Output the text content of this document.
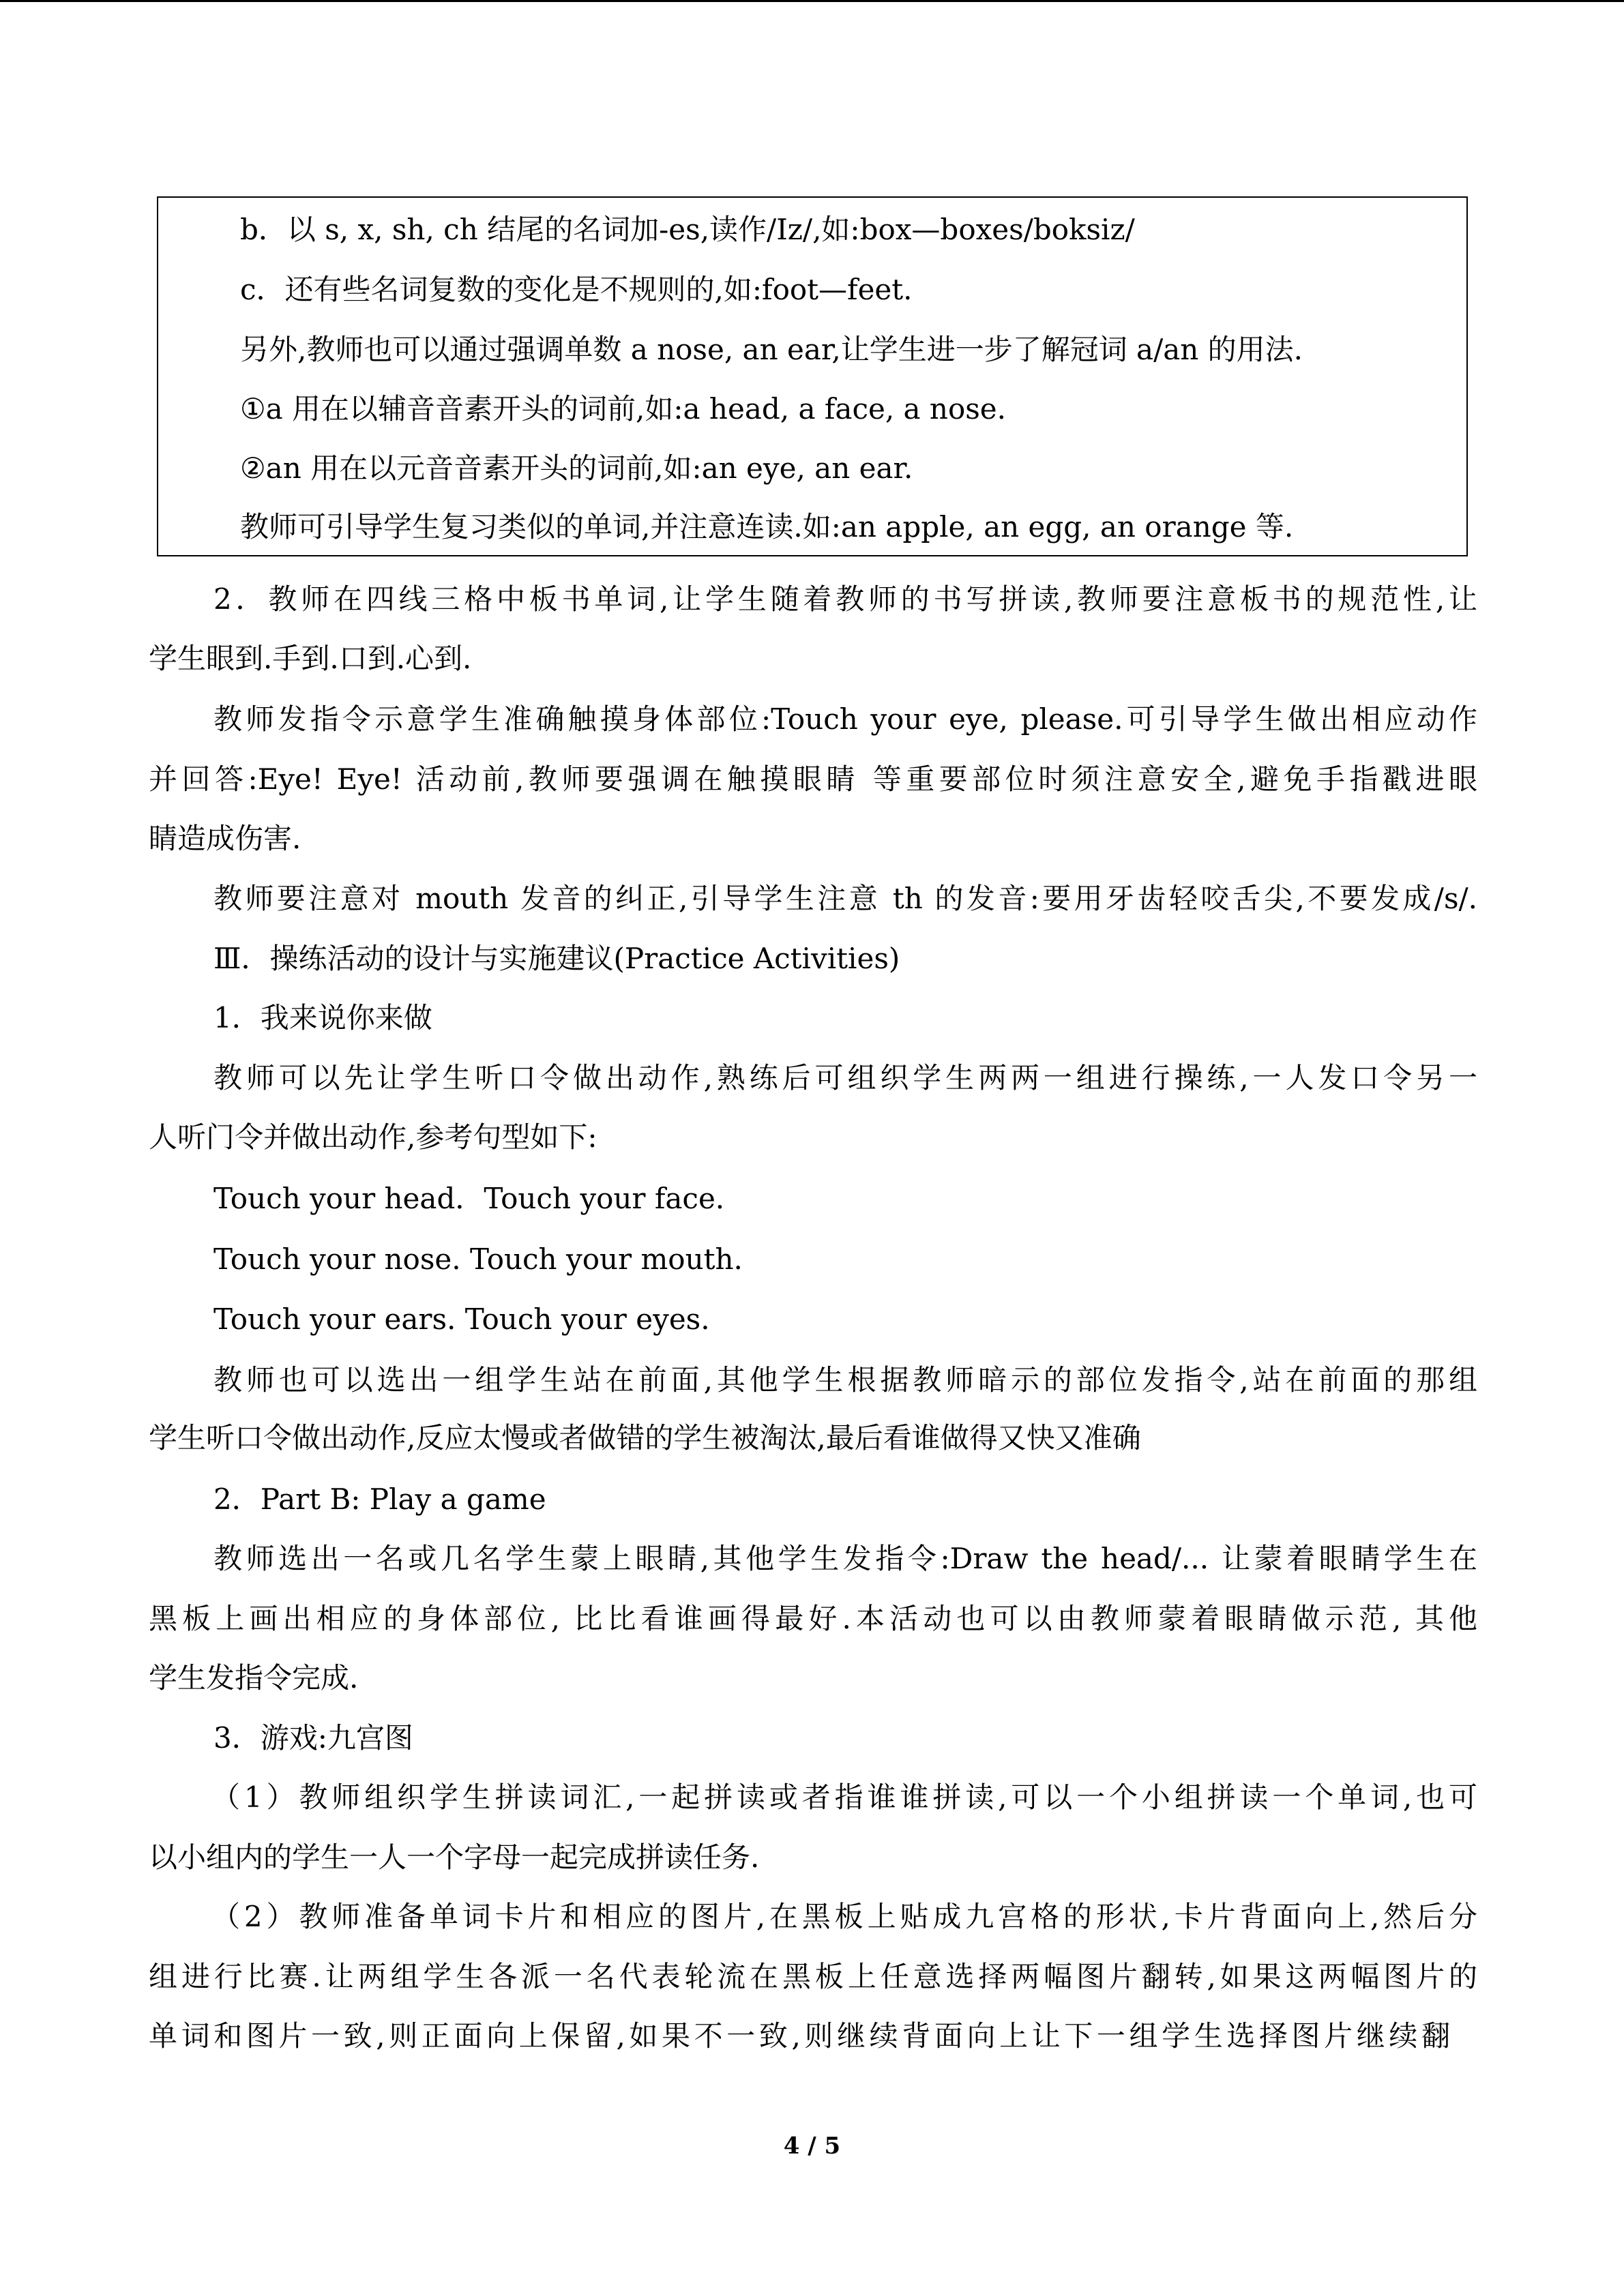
b．以 s, x, sh, ch 结尾的名词加-es,读作/Iz/,如:box—boxes/boksiz/
c．还有些名词复数的变化是不规则的,如:foot—feet.
另外,教师也可以通过强调单数 a nose, an ear,让学生进一步了解冠词 a/an 的用法.
①a 用在以辅音音素开头的词前,如:a head, a face, a nose.
②an 用在以元音音素开头的词前,如:an eye, an ear.
教师可引导学生复习类似的单词,并注意连读.如:an apple, an egg, an orange 等.
2．教师在四线三格中板书单词,让学生随着教师的书写拼读,教师要注意板书的规范性,让
学生眼到.手到.口到.心到.
教师发指令示意学生准确触摸身体部位:Touch your eye, please.可引导学生做出相应动作
并回答:Eye! Eye! 活动前,教师要强调在触摸眼睛 等重要部位时须注意安全,避免手指戳进眼
睛造成伤害.
教师要注意对 mouth 发音的纠正,引导学生注意 th 的发音:要用牙齿轻咬舌尖,不要发成/s/.
Ⅲ．操练活动的设计与实施建议(Practice Activities)
1．我来说你来做
教师可以先让学生听口令做出动作,熟练后可组织学生两两一组进行操练,一人发口令另一
人听门令并做出动作,参考句型如下:
Touch your head．Touch your face.
Touch your nose. Touch your mouth.
Touch your ears. Touch your eyes.
教师也可以选出一组学生站在前面,其他学生根据教师暗示的部位发指令,站在前面的那组
学生听口令做出动作,反应太慢或者做错的学生被淘汰,最后看谁做得又快又准确
2．Part B: Play a game
教师选出一名或几名学生蒙上眼睛,其他学生发指令:Draw the head/... 让蒙着眼睛学生在
黑板上画出相应的身体部位, 比比看谁画得最好.本活动也可以由教师蒙着眼睛做示范, 其他
学生发指令完成.
3．游戏:九宫图
（1）教师组织学生拼读词汇,一起拼读或者指谁谁拼读,可以一个小组拼读一个单词,也可
以小组内的学生一人一个字母一起完成拼读任务.
（2）教师准备单词卡片和相应的图片,在黑板上贴成九宫格的形状,卡片背面向上,然后分
组进行比赛.让两组学生各派一名代表轮流在黑板上任意选择两幅图片翻转,如果这两幅图片的
单词和图片一致,则正面向上保留,如果不一致,则继续背面向上让下一组学生选择图片继续翻
4 / 5
